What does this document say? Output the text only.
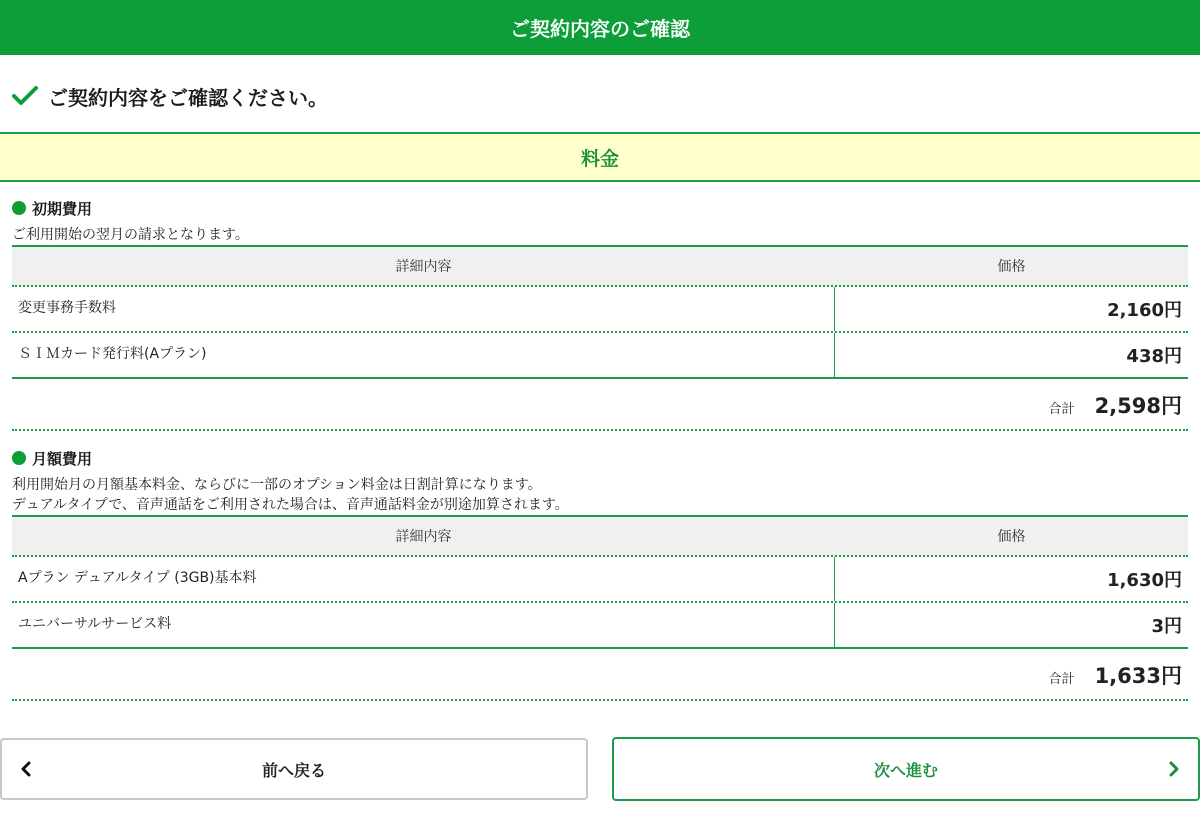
ご契約内容のご確認
ご契約内容をご確認ください。
料金
初期費用
ご利用開始の翌月の請求となります。
詳細内容	価格
変更事務手数料	2,160円
ＳＩＭカード発行料(Aプラン)	438円
合計 2,598円
月額費用
利用開始月の月額基本料金、ならびに一部のオプション料金は日割計算になります。
デュアルタイプで、音声通話をご利用された場合は、音声通話料金が別途加算されます。
詳細内容	価格
Aプラン デュアルタイプ (3GB)基本料	1,630円
ユニバーサルサービス料	3円
合計 1,633円
前へ戻る	次へ進む
